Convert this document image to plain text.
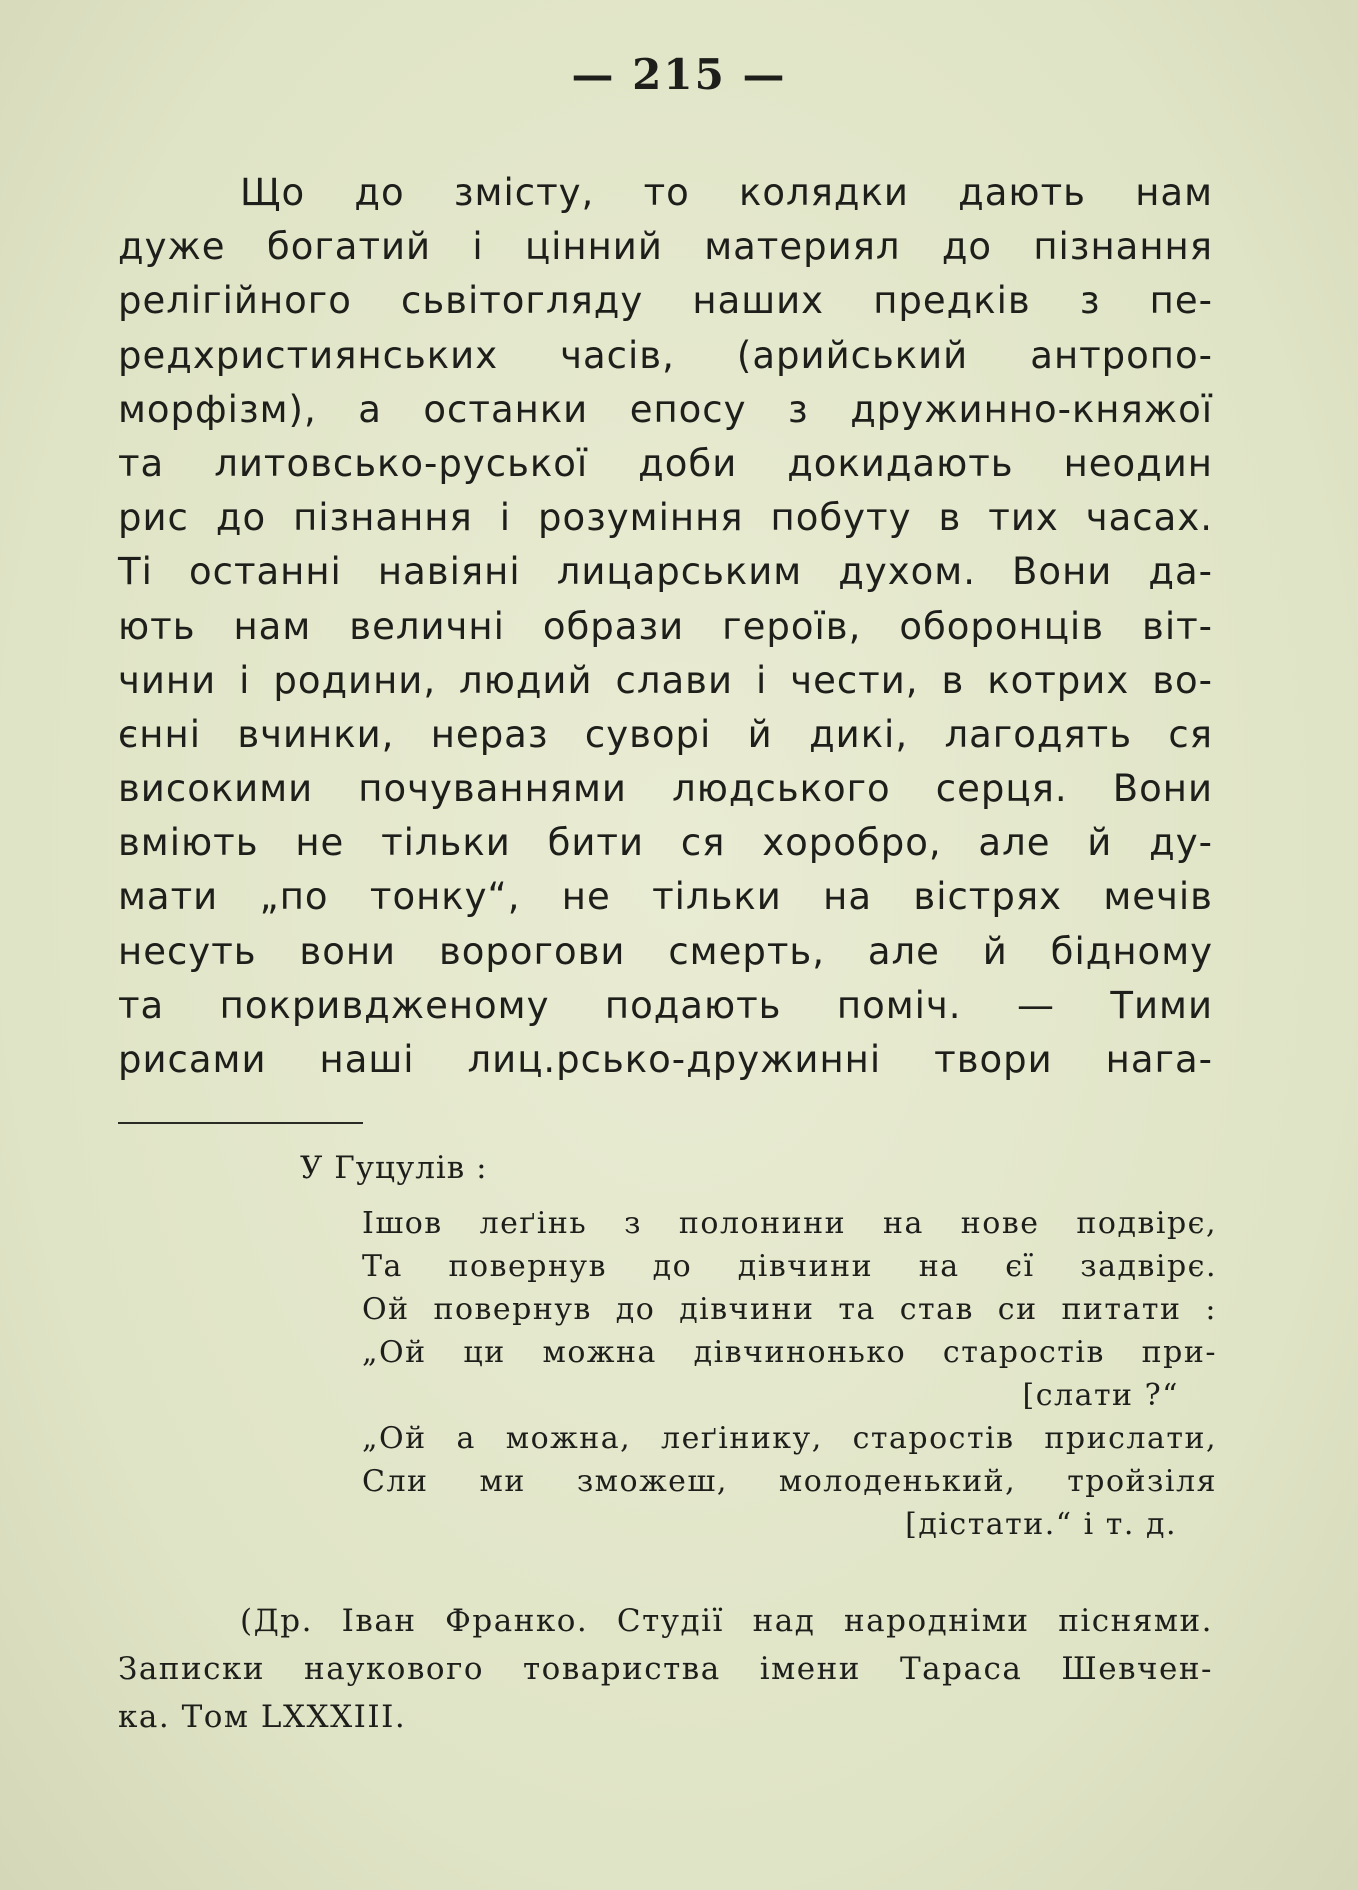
— 215 —
Що до змісту, то колядки дають нам
дуже богатий і цінний материял до пізнання
релігійного сьвітогляду наших предків з пе-
редхристиянських часів, (арийський антропо-
морфізм), а останки епосу з дружинно-княжої
та литовсько-руської доби докидають неодин
рис до пізнання і розуміння побуту в тих часах.
Ті останні навіяні лицарським духом. Вони да-
ють нам величні образи героїв, оборонців віт-
чини і родини, людий слави і чести, в котрих во-
єнні вчинки, нераз суворі й дикі, лагодять ся
високими почуваннями людського серця. Вони
вміють не тільки бити ся хоробро, але й ду-
мати „по тонку“, не тільки на вістрях мечів
несуть вони ворогови смерть, але й бідному
та покривдженому подають поміч. — Тими
рисами наші лиц.рсько-дружинні твори нага-
У Гуцулів :
Ішов леґінь з полонини на нове подвірє,
Та повернув до дівчини на єї задвірє.
Ой повернув до дівчини та став си питати :
„Ой ци можна дівчинонько старостів при-
[слати ?“
„Ой а можна, леґінику, старостів прислати,
Сли ми зможеш, молоденький, тройзіля
[дістати.“ і т. д.
(Др. Іван Франко. Студії над народніми піснями.
Записки наукового товариства імени Тараса Шевчен-
ка. Том LXXXIII.
